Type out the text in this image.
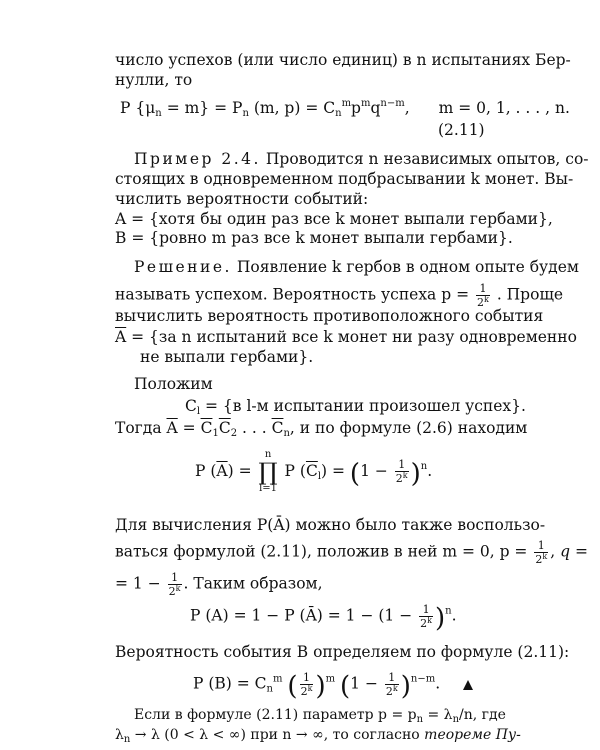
число успехов (или число единиц) в n испытаниях Бер-
нулли, то
P $\{\mu_n = m\} = P_n$ (m, $p) = C_n^mp^mq^{n-m}$, m = 0, 1, . . . , n.
(2.11)
Пример 2.4. Проводится n независимых опытов, со-
стоящих в одновременном подбрасывании k монет. Вы-
числить вероятности событий:
A = {хотя бы один раз все k монет выпали гербами},
B = {ровно m раз все k монет выпали гербами}.
Решение. Появление k гербов в одном опыте будем
называть успехом. Вероятность успеха $p = \frac{1}{2^k}$ . Проще
вычислить вероятность противоположного события
$\overline{A} = \{за$ n испытаний все k монет ни разу одновременно
не выпали гербами}.
Положим
$C_l = \{в$ l-м испытании произошел успех}.
Тогда $\overline{A} = \overline{C}_1\overline{C}_2$ . . . $\overline{C}_n$, и по формуле (2.6) находим
P $(\overline{A}) = n$
∏
l=1 P $(\overline{C}_l) = (1 - \frac{1}{2^k} )^n$.
Для вычисления P(Ā) можно было также воспользо-
ваться формулой (2.11), положив в ней m = 0, $p = \frac{1}{2^k}$ , q =
= $1 - \frac{1}{2^k}$ . Таким образом,
P (A) = 1 − P (Ā) = $1 - (1 - \frac{1}{2^k} )^n$.
Вероятность события B определяем по формуле (2.11):
P $(B) = C_n^m$ ( $\frac{1}{2^k} )^m$ $(1 - \frac{1}{2^k} )^{n-m}$.
Если в формуле (2.11) параметр $p = p_n = \lambda_n/n$, где
$\lambda_n \to \lambda$ (0 < λ < ∞) при n → ∞, то согласно теореме Пу-
